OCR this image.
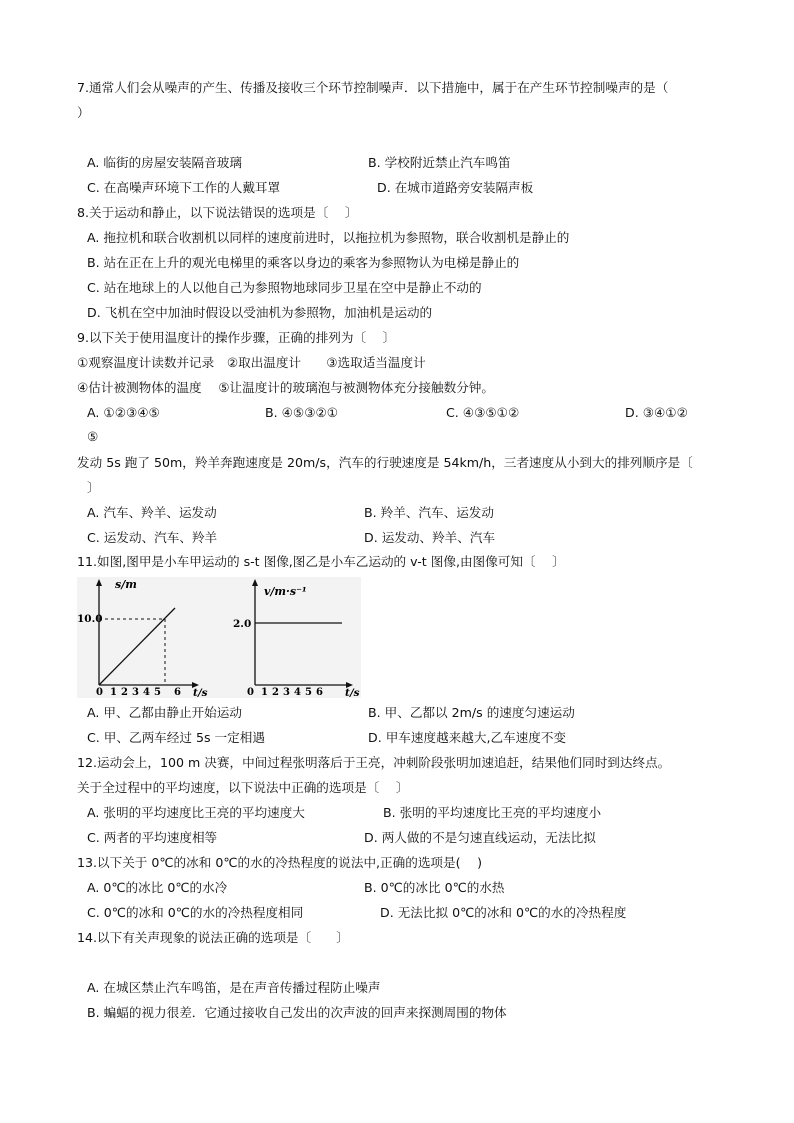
7.通常人们会从噪声的产生、传播及接收三个环节控制噪声．以下措施中，属于在产生环节控制噪声的是（
）
A. 临街的房屋安装隔音玻璃	B. 学校附近禁止汽车鸣笛
C. 在高噪声环境下工作的人戴耳罩	D. 在城市道路旁安装隔声板
8.关于运动和静止，以下说法错误的选项是〔　 〕
A. 拖拉机和联合收割机以同样的速度前进时，以拖拉机为参照物，联合收割机是静止的
B. 站在正在上升的观光电梯里的乘客以身边的乘客为参照物认为电梯是静止的
C. 站在地球上的人以他自己为参照物地球同步卫星在空中是静止不动的
D. 飞机在空中加油时假设以受油机为参照物，加油机是运动的
9.以下关于使用温度计的操作步骤，正确的排列为〔　 〕
①观察温度计读数并记录　②取出温度计　　③选取适当温度计
④估计被测物体的温度　 ⑤让温度计的玻璃泡与被测物体充分接触数分钟。
A. ①②③④⑤	B. ④⑤③②①	C. ④③⑤①②	D. ③④①②
⑤
发动 5s 跑了 50m，羚羊奔跑速度是 20m/s，汽车的行驶速度是 54km/h，三者速度从小到大的排列顺序是〔
〕
A. 汽车、羚羊、运发动	B. 羚羊、汽车、运发动
C. 运发动、汽车、羚羊	D. 运发动、羚羊、汽车
11.如图,图甲是小车甲运动的 s-t 图像,图乙是小车乙运动的 v-t 图像,由图像可知〔　 〕
s/m
10.0
0 1 2 3 4 5 6 t/s
v/m·s⁻¹
2.0
0 1 2 3 4 5 6 t/s
A. 甲、乙都由静止开始运动	B. 甲、乙都以 2m/s 的速度匀速运动
C. 甲、乙两车经过 5s 一定相遇	D. 甲车速度越来越大,乙车速度不变
12.运动会上，100 m 决赛，中间过程张明落后于王亮，冲刺阶段张明加速追赶，结果他们同时到达终点。
关于全过程中的平均速度，以下说法中正确的选项是〔　 〕
A. 张明的平均速度比王亮的平均速度大	B. 张明的平均速度比王亮的平均速度小
C. 两者的平均速度相等	D. 两人做的不是匀速直线运动，无法比拟
13.以下关于 0℃的冰和 0℃的水的冷热程度的说法中,正确的选项是(　 )
A. 0℃的冰比 0℃的水冷	B. 0℃的冰比 0℃的水热
C. 0℃的冰和 0℃的水的冷热程度相同	D. 无法比拟 0℃的冰和 0℃的水的冷热程度
14.以下有关声现象的说法正确的选项是〔　　〕
A. 在城区禁止汽车鸣笛，是在声音传播过程防止噪声
B. 蝙蝠的视力很差．它通过接收自己发出的次声波的回声来探测周围的物体
